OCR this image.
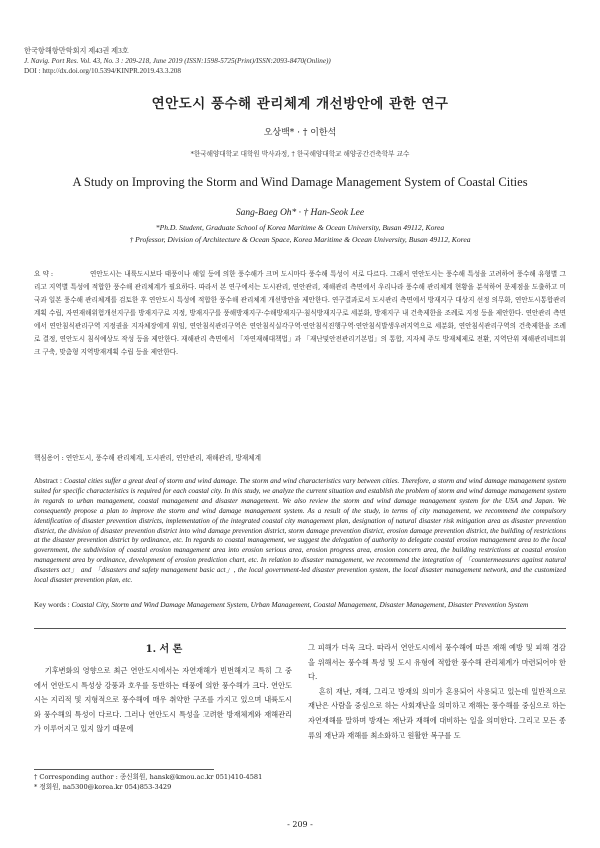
한국항해항만학회지 제43권 제3호
J. Navig. Port Res. Vol. 43, No. 3 : 209-218, June 2019 (ISSN:1598-5725(Print)/ISSN:2093-8470(Online))
DOI : http://dx.doi.org/10.5394/KINPR.2019.43.3.208
연안도시 풍수해 관리체계 개선방안에 관한 연구
오상백* · † 이한석
*한국해양대학교 대학원 박사과정, † 한국해양대학교 해양공간건축학부 교수
A Study on Improving the Storm and Wind Damage Management System of Coastal Cities
Sang-Baeg Oh* · † Han-Seok Lee
*Ph.D. Student, Graduate School of Korea Maritime & Ocean University, Busan 49112, Korea
† Professor, Division of Architecture & Ocean Space, Korea Maritime & Ocean University, Busan 49112, Korea
요 약 :	연안도시는 내륙도시보다 태풍이나 해일 등에 의한 풍수해가 크며 도시마다 풍수해 특성이 서로 다르다. 그래서 연안도시는 풍수해 특성을 고려하여 풍수해 유형별 그리고 지역별 특성에 적합한 풍수해 관리체계가 필요하다. 따라서 본 연구에서는 도시관리, 연안관리, 재해관리 측면에서 우리나라 풍수해 관리체계 현황을 분석하여 문제점을 도출하고 미국과 일본 풍수해 관리체계를 검토한 후 연안도시 특성에 적합한 풍수해 관리체계 개선방안을 제안한다. 연구결과로서 도시관리 측면에서 방재지구 대상지 선정 의무화, 연안도시통합관리계획 수립, 자연재해위험개선지구를 방재지구로 지정, 방재지구를 풍해방재지구·수해방재지구·침식방재지구로 세분화, 방재지구 내 건축제한을 조례로 지정 등을 제안한다. 연안관리 측면에서 연안침식관리구역 지정권을 지자체장에게 위임, 연안침식관리구역은 연안침식실각구역·연안침식진행구역·연안침식발생우려지역으로 세분화, 연안침식관리구역의 건축제한을 조례로 결정, 연안도시 침식예상도 작성 등을 제안한다. 재해관리 측면에서 「자연재해대책법」과 「재난및안전관리기본법」의 통합, 지자체 주도 방재체제로 전환, 지역단위 재해관리네트워크 구축, 맞춤형 지역방재계획 수립 등을 제안한다.
핵심용어 : 연안도시, 풍수해 관리체계, 도시관리, 연안관리, 재해관리, 방재체계
Abstract : Coastal cities suffer a great deal of storm and wind damage. The storm and wind characteristics vary between cities. Therefore, a storm and wind damage management system suited for specific characteristics is required for each coastal city. In this study, we analyze the current situation and establish the problem of storm and wind damage management system in regards to urban management, coastal management and disaster management. We also review the storm and wind damage management system for the USA and Japan. We consequently propose a plan to improve the storm and wind damage management system. As a result of the study, in terms of city management, we recommend the compulsory identification of disaster prevention districts, implementation of the integrated coastal city management plan, designation of natural disaster risk mitigation area as disaster prevention district, the division of disaster prevention district into wind damage prevention district, storm damage prevention district, erosion damage prevention district, the building of restrictions at the disaster prevention district by ordinance, etc. In regards to coastal management, we suggest the delegation of authority to delegate coastal erosion management area to the local government, the subdivision of coastal erosion management area into erosion serious area, erosion progress area, erosion concern area, the building restrictions at coastal erosion management area by ordinance, development of erosion prediction chart, etc. In relation to disaster management, we recommend the integration of 「countermeasures against natural disasters act」 and 「disasters and safety management basic act」, the local government-led disaster prevention system, the local disaster management network, and the customized local disaster prevention plan, etc.
Key words : Coastal City, Storm and Wind Damage Management System, Urban Management, Coastal Management, Disaster Management, Disaster Prevention System
1. 서 론

기후변화의 영향으로 최근 연안도시에서는 자연재해가 빈번해지고 특히 그 중에서 연안도시 특성상 강풍과 호우를 동반하는 태풍에 의한 풍수해가 크다. 연안도시는 지리적 및 지형적으로 풍수해에 매우 취약한 구조를 가지고 있으며 내륙도시와 풍수해의 특성이 다르다. 그러나 연안도시 특성을 고려한 방재체계와 재해관리가 이루어지고 있지 않기 때문에

그 피해가 더욱 크다. 따라서 연안도시에서 풍수해에 따른 재해 예방 및 피해 경감을 위해서는 풍수해 특성 및 도시 유형에 적합한 풍수해 관리체계가 마련되어야 한다.

흔히 재난, 재해, 그리고 방재의 의미가 혼용되어 사용되고 있는데 일반적으로 재난은 사람을 중심으로 하는 사회재난을 의미하고 재해는 풍수해를 중심으로 하는 자연재해를 말하며 방재는 재난과 재해에 대비하는 일을 의미한다. 그리고 모든 종류의 재난과 재해를 최소화하고 원활한 복구를 도

† Corresponding author : 종신회원, hansk@kmou.ac.kr 051)410-4581
* 정회원, na5300@korea.kr 054)853-3429
- 209 -
